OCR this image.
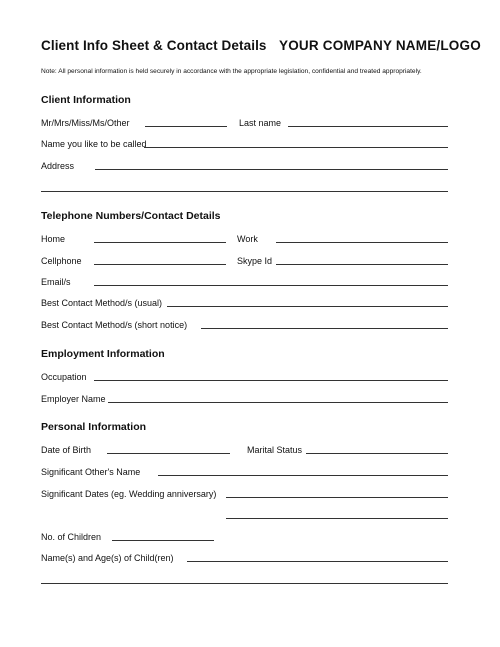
Client Info Sheet & Contact Details YOUR COMPANY NAME/LOGO
Note: All personal information is held securely in accordance with the appropriate legislation, confidential and treated appropriately.
Client Information
Mr/Mrs/Miss/Ms/Other	Last name
Name you like to be called
Address
Telephone Numbers/Contact Details
Home	Work
Cellphone	Skype Id
Email/s
Best Contact Method/s (usual)
Best Contact Method/s (short notice)
Employment Information
Occupation
Employer Name
Personal Information
Date of Birth	Marital Status
Significant Other's Name
Significant Dates (eg. Wedding anniversary)
No. of Children
Name(s) and Age(s) of Child(ren)
